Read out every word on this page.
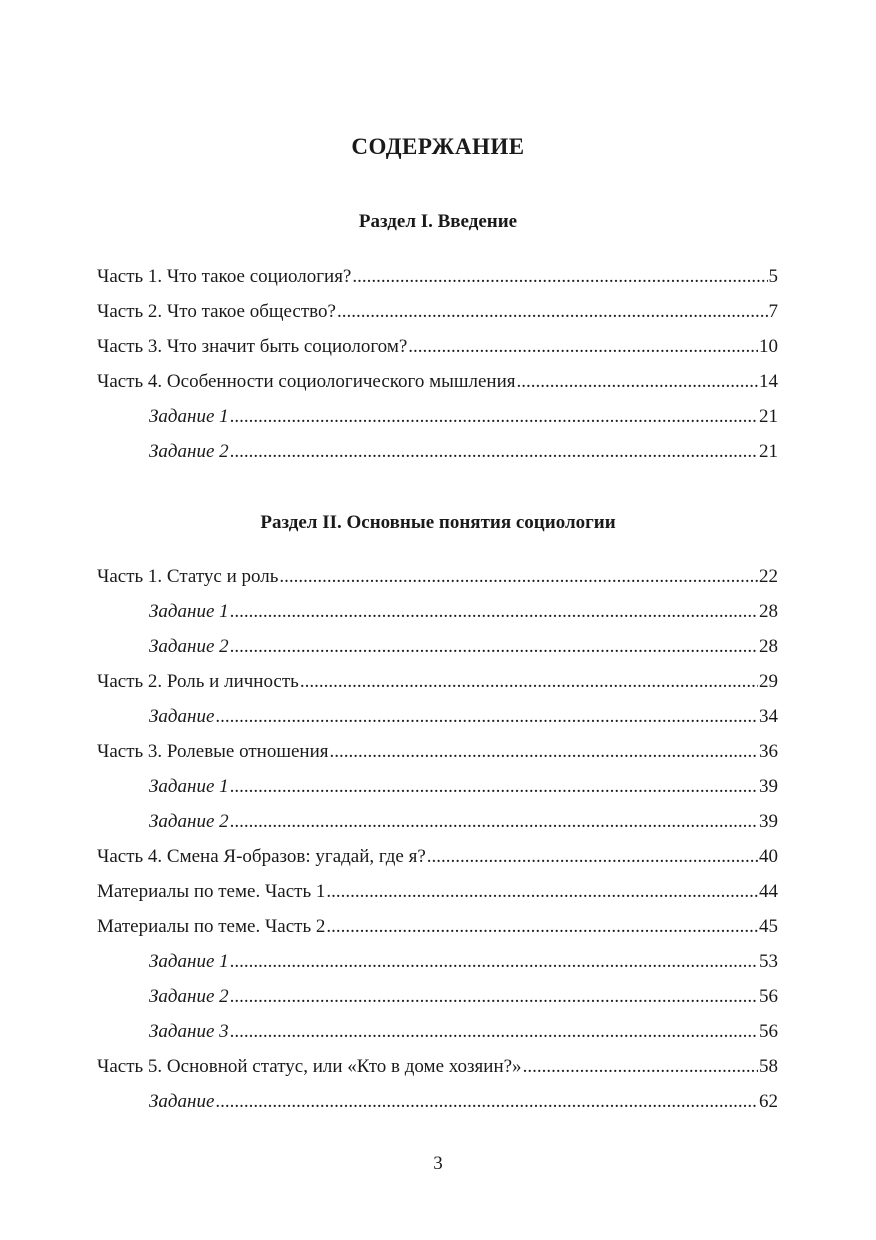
СОДЕРЖАНИЕ
Раздел I. Введение
Часть 1. Что такое социология? .....	5
Часть 2. Что такое общество? .....	7
Часть 3. Что значит быть социологом? .....	10
Часть 4. Особенности социологического мышления .....	14
Задание 1 .....	21
Задание 2 .....	21
Раздел II. Основные понятия социологии
Часть 1. Статус и роль .....	22
Задание 1 .....	28
Задание 2 .....	28
Часть 2. Роль и личность .....	29
Задание .....	34
Часть 3. Ролевые отношения .....	36
Задание 1 .....	39
Задание 2 .....	39
Часть 4. Смена Я-образов: угадай, где я? .....	40
Материалы по теме. Часть 1 .....	44
Материалы по теме. Часть 2 .....	45
Задание 1 .....	53
Задание 2 .....	56
Задание 3 .....	56
Часть 5. Основной статус, или «Кто в доме хозяин?» .....	58
Задание .....	62
3
